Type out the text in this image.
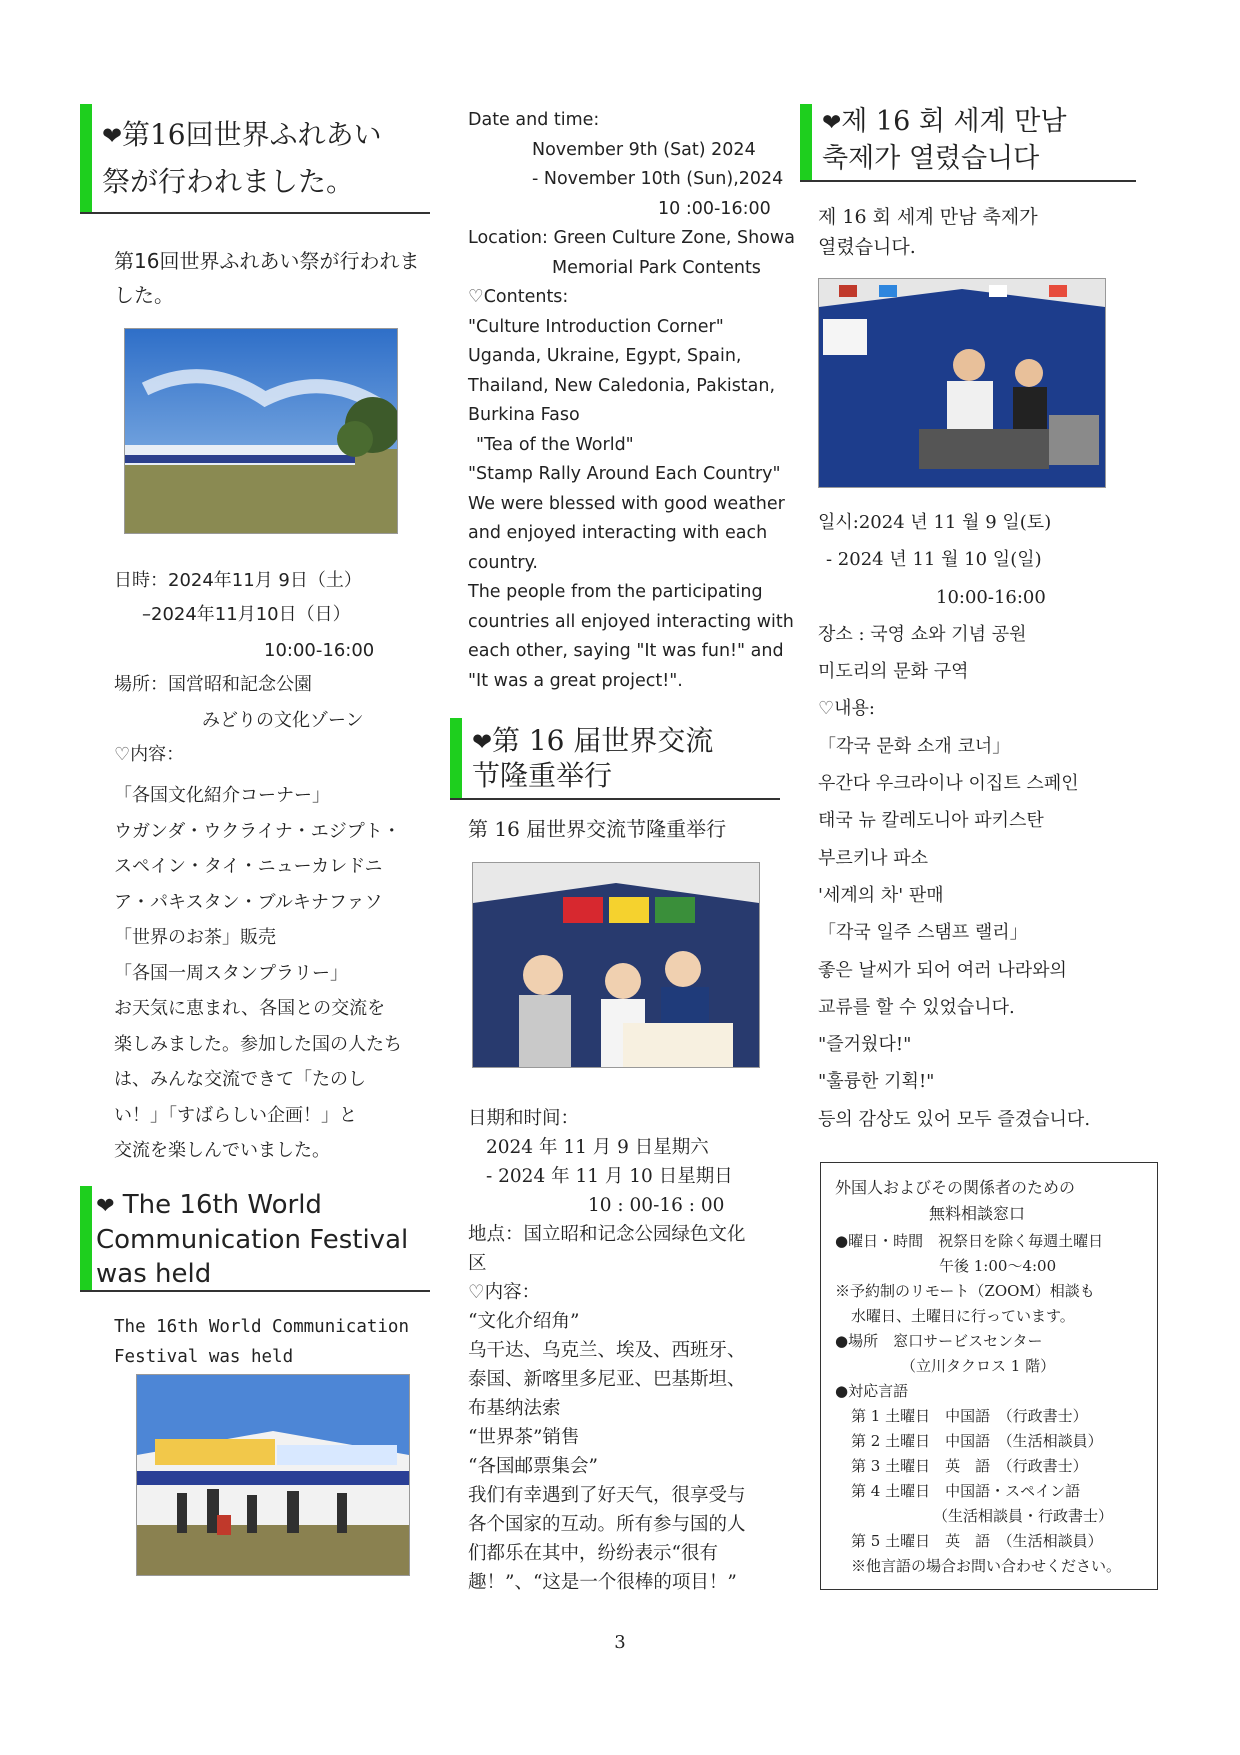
❤第16回世界ふれあい
祭が行われました。
第16回世界ふれあい祭が行われました。
日時：2024年11月 9日（土）
–2024年11月10日（日）
10:00-16:00
場所：国営昭和記念公園
みどりの文化ゾーン
♡内容：
「各国文化紹介コーナー」
ウガンダ・ウクライナ・エジプト・
スペイン・タイ・ニューカレドニ
ア・パキスタン・ブルキナファソ
「世界のお茶」販売
「各国一周スタンプラリー」
お天気に恵まれ、各国との交流を
楽しみました。参加した国の人たち
は、みんな交流できて「たのし
い！」「すばらしい企画！」と
交流を楽しんでいました。
❤ The 16th World
Communication Festival
was held
The 16th World Communication
Festival was held
Date and time:
November 9th (Sat) 2024
- November 10th (Sun),2024
10 :00-16:00
Location: Green Culture Zone, Showa
Memorial Park Contents
♡Contents:
"Culture Introduction Corner"
Uganda, Ukraine, Egypt, Spain,
Thailand, New Caledonia, Pakistan,
Burkina Faso
"Tea of the World"
"Stamp Rally Around Each Country"
We were blessed with good weather
and enjoyed interacting with each
country.
The people from the participating
countries all enjoyed interacting with
each other, saying "It was fun!" and
"It was a great project!".
❤第 16 届世界交流
节隆重举行
第 16 届世界交流节隆重举行
日期和时间：
2024 年 11 月 9 日星期六
- 2024 年 11 月 10 日星期日
10 : 00-16 : 00
地点：国立昭和记念公园绿色文化
区
♡内容：
“文化介绍角”
乌干达、乌克兰、埃及、西班牙、
泰国、新喀里多尼亚、巴基斯坦、
布基纳法索
“世界茶”销售
“各国邮票集会”
我们有幸遇到了好天气，很享受与
各个国家的互动。所有参与国的人
们都乐在其中，纷纷表示“很有
趣！”、“这是一个很棒的项目！”
❤제 16 회 세계 만남
축제가 열렸습니다
제 16 회 세계 만남 축제가
열렸습니다.
일시:2024 년 11 월 9 일(토)
- 2024 년 11 월 10 일(일)
10:00-16:00
장소 : 국영 쇼와 기념 공원
미도리의 문화 구역
♡내용:
「각국 문화 소개 코너」
우간다 우크라이나 이집트 스페인
태국 뉴 칼레도니아 파키스탄
부르키나 파소
'세계의 차' 판매
「각국 일주 스탬프 랠리」
좋은 날씨가 되어 여러 나라와의
교류를 할 수 있었습니다.
"즐거웠다!"
"훌륭한 기획!"
등의 감상도 있어 모두 즐겼습니다.
外国人およびその関係者のための
無料相談窓口
●曜日・時間　祝祭日を除く毎週土曜日
午後 1:00～4:00
※予約制のリモート（ZOOM）相談も
水曜日、土曜日に行っています。
●場所　窓口サービスセンター
（立川タクロス 1 階）
●対応言語
第 1 土曜日　中国語　（行政書士）
第 2 土曜日　中国語　（生活相談員）
第 3 土曜日　英　語　（行政書士）
第 4 土曜日　中国語・スペイン語
（生活相談員・行政書士）
第 5 土曜日　英　語　（生活相談員）
※他言語の場合お問い合わせください。
3
